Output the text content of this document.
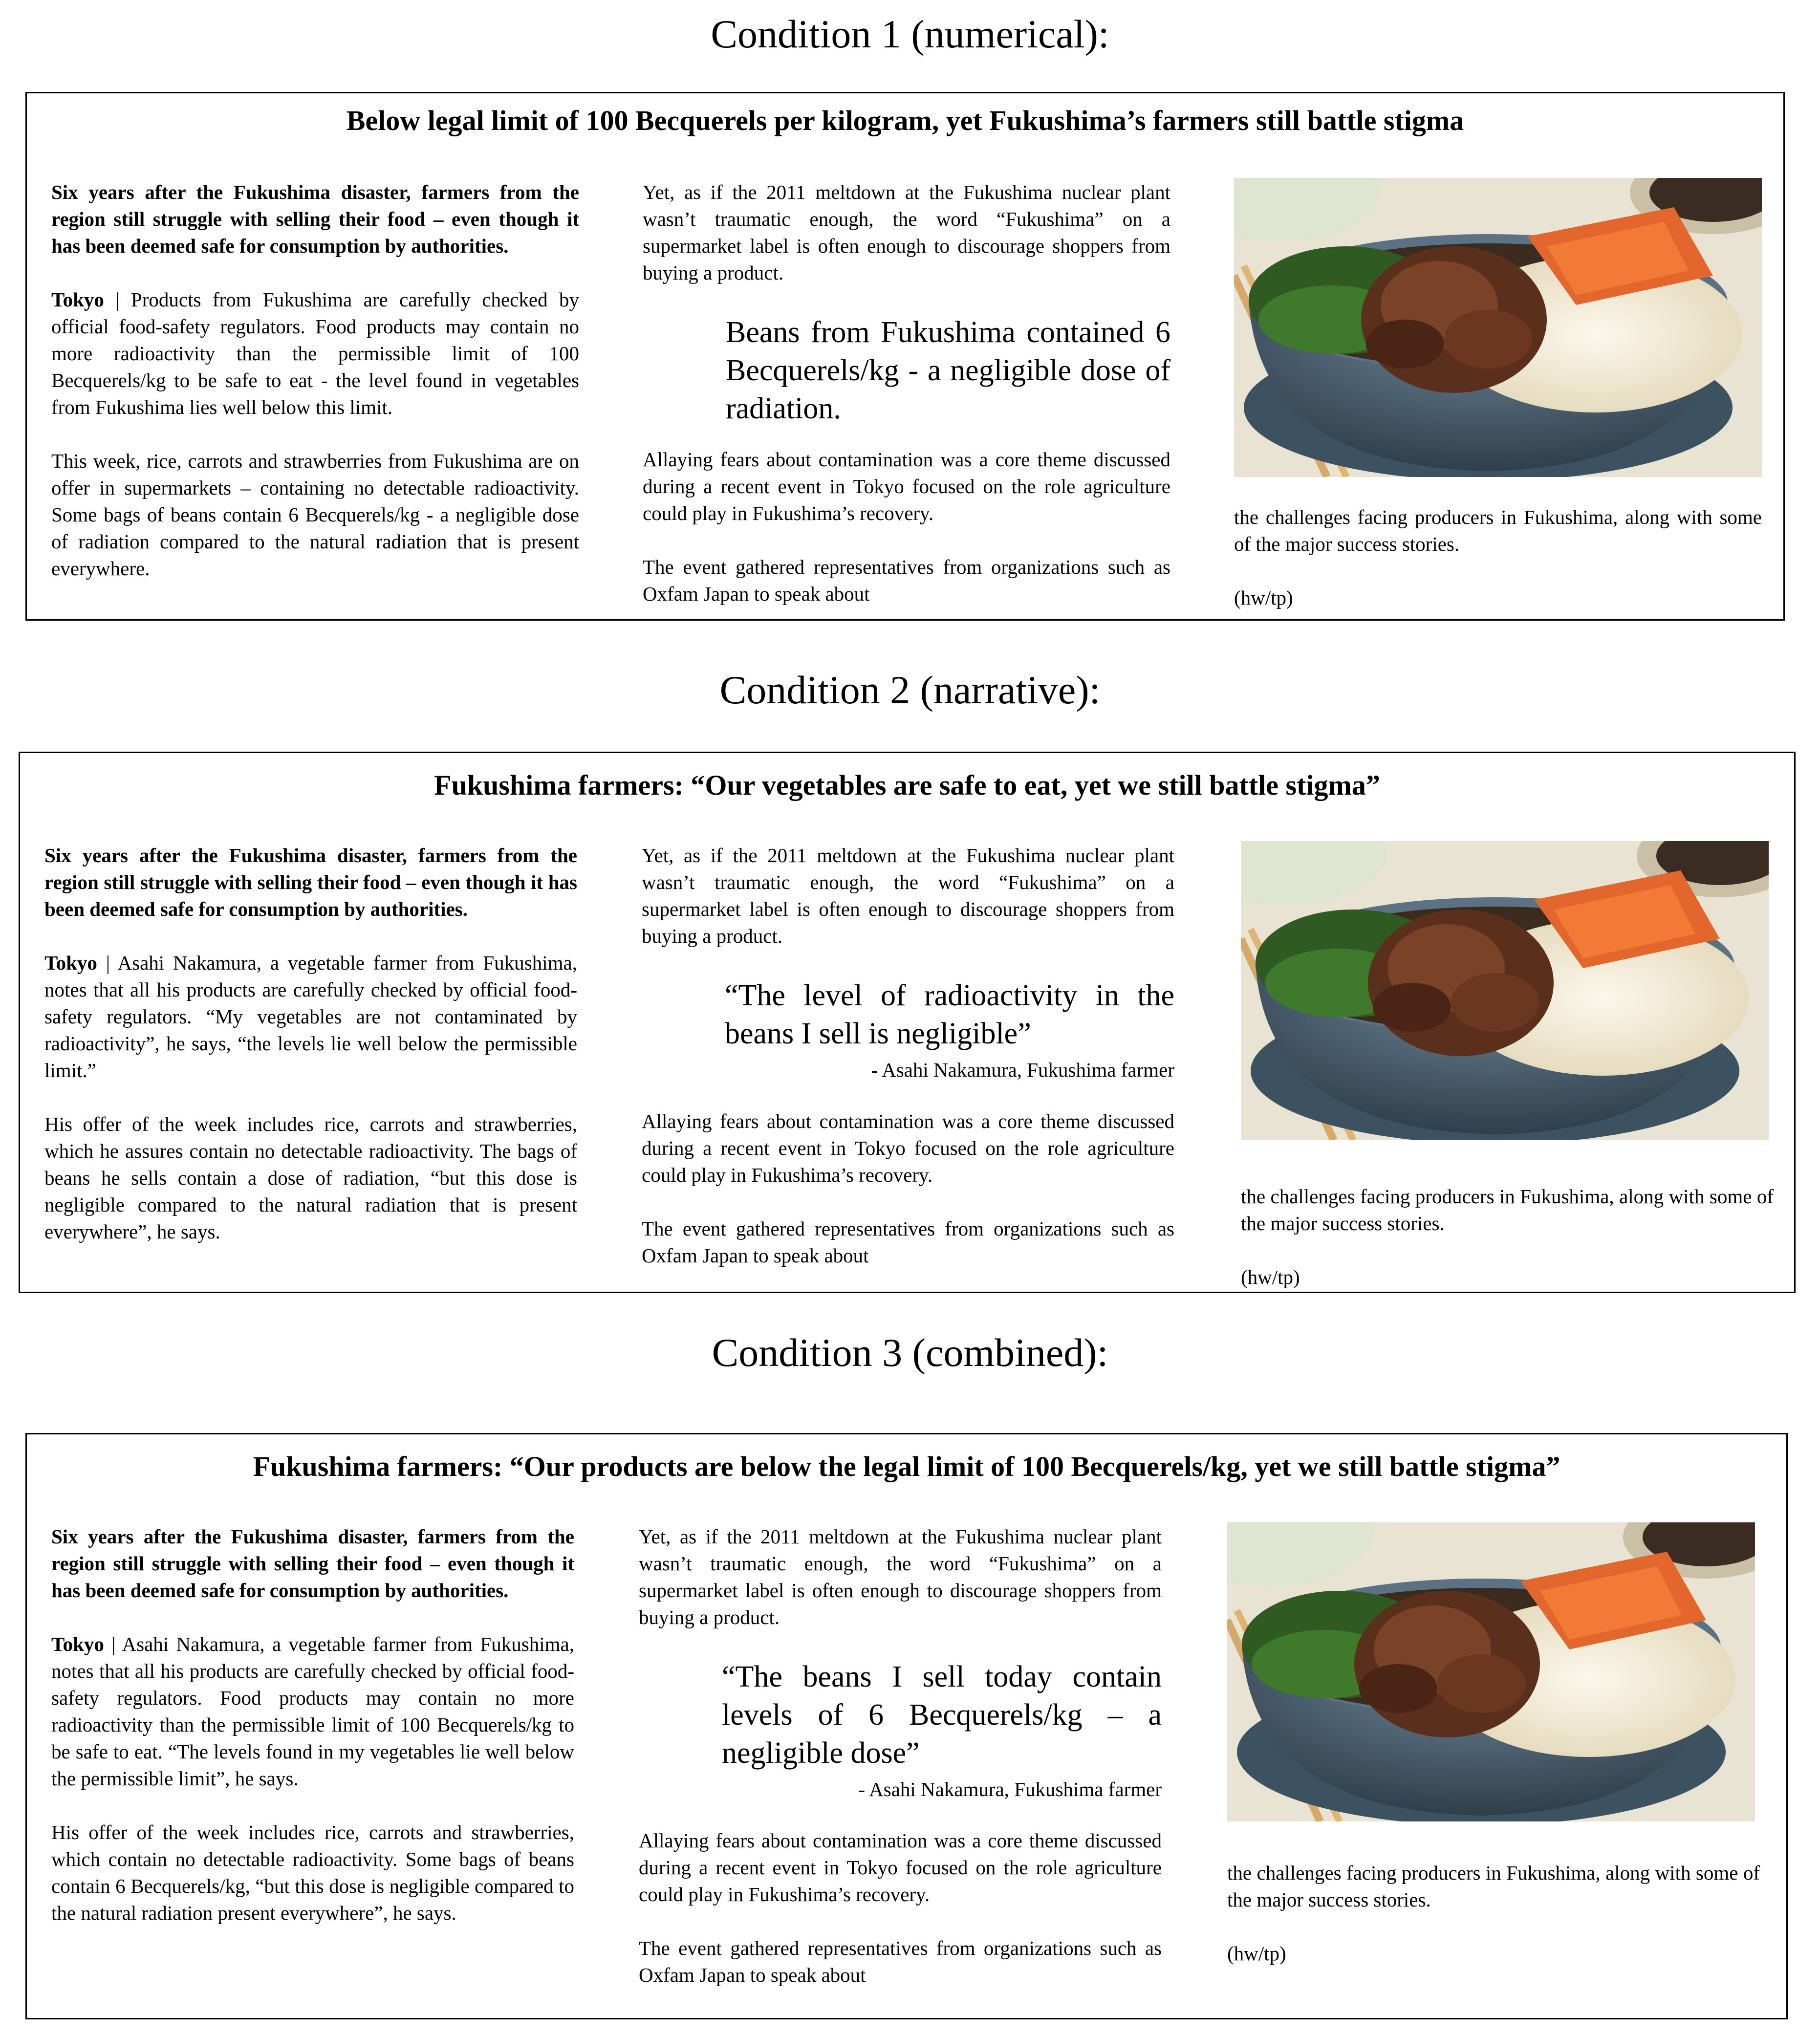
Condition 1 (numerical):
Below legal limit of 100 Becquerels per kilogram, yet Fukushima’s farmers still battle stigma

Six years after the Fukushima disaster, farmers from the region still struggle with selling their food – even though it has been deemed safe for consumption by authorities.

Tokyo | Products from Fukushima are carefully checked by official food-safety regulators. Food products may contain no more radioactivity than the permissible limit of 100 Becquerels/kg to be safe to eat - the level found in vegetables from Fukushima lies well below this limit.

This week, rice, carrots and strawberries from Fukushima are on offer in supermarkets – containing no detectable radioactivity. Some bags of beans contain 6 Becquerels/kg - a negligible dose of radiation compared to the natural radiation that is present everywhere.

Yet, as if the 2011 meltdown at the Fukushima nuclear plant wasn’t traumatic enough, the word “Fukushima” on a supermarket label is often enough to discourage shoppers from buying a product.

Beans from Fukushima contained 6 Becquerels/kg - a negligible dose of radiation.

Allaying fears about contamination was a core theme discussed during a recent event in Tokyo focused on the role agriculture could play in Fukushima’s recovery.

The event gathered representatives from organizations such as Oxfam Japan to speak about

the challenges facing producers in Fukushima, along with some of the major success stories.

(hw/tp)

Condition 2 (narrative):
Fukushima farmers: “Our vegetables are safe to eat, yet we still battle stigma”

Six years after the Fukushima disaster, farmers from the region still struggle with selling their food – even though it has been deemed safe for consumption by authorities.

Tokyo | Asahi Nakamura, a vegetable farmer from Fukushima, notes that all his products are carefully checked by official food-safety regulators. “My vegetables are not contaminated by radioactivity”, he says, “the levels lie well below the permissible limit.”

His offer of the week includes rice, carrots and strawberries, which he assures contain no detectable radioactivity. The bags of beans he sells contain a dose of radiation, “but this dose is negligible compared to the natural radiation that is present everywhere”, he says.

Yet, as if the 2011 meltdown at the Fukushima nuclear plant wasn’t traumatic enough, the word “Fukushima” on a supermarket label is often enough to discourage shoppers from buying a product.

“The level of radioactivity in the beans I sell is negligible”

- Asahi Nakamura, Fukushima farmer

Allaying fears about contamination was a core theme discussed during a recent event in Tokyo focused on the role agriculture could play in Fukushima’s recovery.

The event gathered representatives from organizations such as Oxfam Japan to speak about

the challenges facing producers in Fukushima, along with some of the major success stories.

(hw/tp)

Condition 3 (combined):
Fukushima farmers: “Our products are below the legal limit of 100 Becquerels/kg, yet we still battle stigma”

Six years after the Fukushima disaster, farmers from the region still struggle with selling their food – even though it has been deemed safe for consumption by authorities.

Tokyo | Asahi Nakamura, a vegetable farmer from Fukushima, notes that all his products are carefully checked by official food-safety regulators. Food products may contain no more radioactivity than the permissible limit of 100 Becquerels/kg to be safe to eat. “The levels found in my vegetables lie well below the permissible limit”, he says.

His offer of the week includes rice, carrots and strawberries, which contain no detectable radioactivity. Some bags of beans contain 6 Becquerels/kg, “but this dose is negligible compared to the natural radiation present everywhere”, he says.

Yet, as if the 2011 meltdown at the Fukushima nuclear plant wasn’t traumatic enough, the word “Fukushima” on a supermarket label is often enough to discourage shoppers from buying a product.

“The beans I sell today contain levels of 6 Becquerels/kg – a negligible dose”

- Asahi Nakamura, Fukushima farmer

Allaying fears about contamination was a core theme discussed during a recent event in Tokyo focused on the role agriculture could play in Fukushima’s recovery.

The event gathered representatives from organizations such as Oxfam Japan to speak about

the challenges facing producers in Fukushima, along with some of the major success stories.

(hw/tp)
